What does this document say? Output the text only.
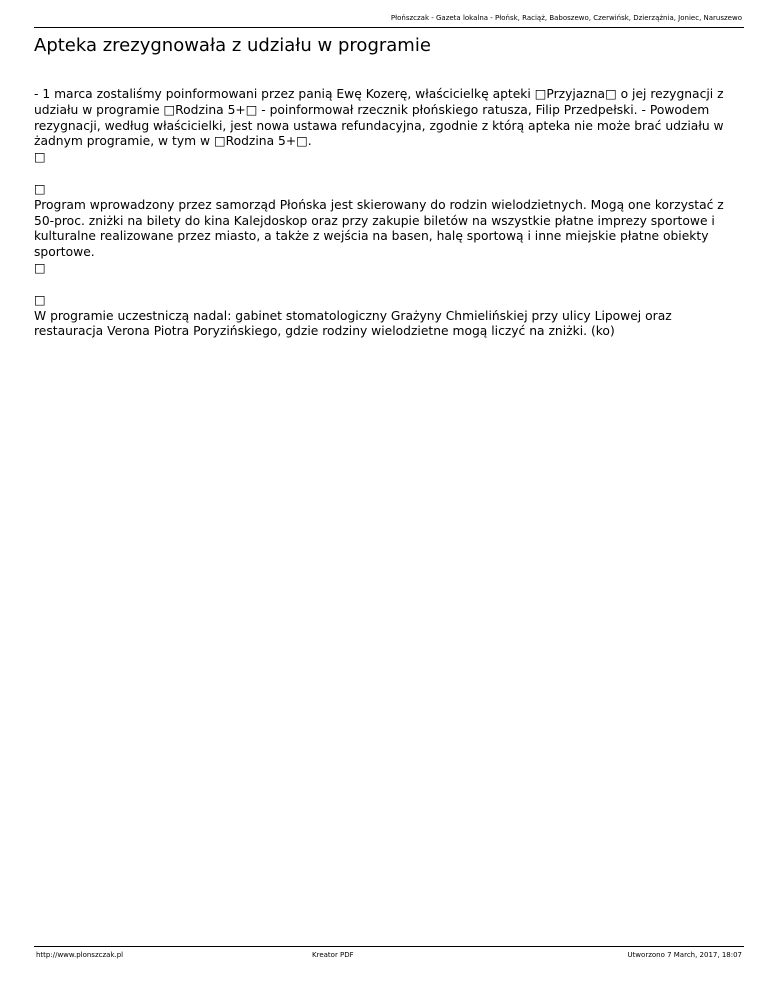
Płońszczak - Gazeta lokalna - Płońsk, Raciąż, Baboszewo, Czerwińsk, Dzierzążnia, Joniec, Naruszewo
Apteka zrezygnowała z udziału w programie

- 1 marca zostaliśmy poinformowani przez panią Ewę Kozerę, właścicielkę apteki □Przyjazna□ o jej rezygnacji z udziału w programie □Rodzina 5+□ - poinformował rzecznik płońskiego ratusza, Filip Przedpełski. - Powodem rezygnacji, według właścicielki, jest nowa ustawa refundacyjna, zgodnie z którą apteka nie może brać udziału w żadnym programie, w tym w □Rodzina 5+□.

□

□

Program wprowadzony przez samorząd Płońska jest skierowany do rodzin wielodzietnych. Mogą one korzystać z 50-proc. zniżki na bilety do kina Kalejdoskop oraz przy zakupie biletów na wszystkie płatne imprezy sportowe i kulturalne realizowane przez miasto, a także z wejścia na basen, halę sportową i inne miejskie płatne obiekty sportowe.

□

□

W programie uczestniczą nadal: gabinet stomatologiczny Grażyny Chmielińskiej przy ulicy Lipowej oraz restauracja Verona Piotra Poryzińskiego, gdzie rodziny wielodzietne mogą liczyć na zniżki. (ko)

http://www.plonszczak.pl	Kreator PDF	Utworzono 7 March, 2017, 18:07
